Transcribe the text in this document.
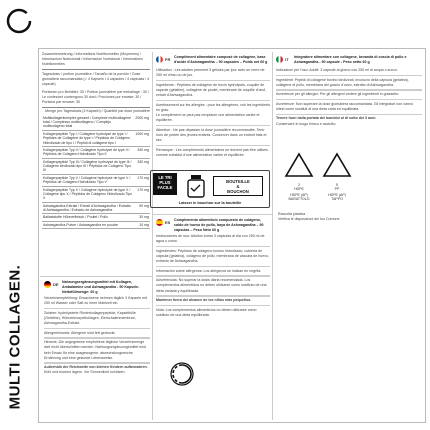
MULTI COLLAGEN.
Zusammensetzung / Informations Nutritionnelles (Moyennes) / Informazioni Nutrizionali / Información Nutricional / Informations Nutritionnelles
Tagesdosis / portion journalière / Tamaño de la porción / Dose giornaliera raccomandata (= 4 Kapseln / 4 capsules / 4 cápsulas / 4 capsule)
Portionen pro Behälter: 30 / Portion journalière par emballage : 30 / Le confezioni contengono 30 dosi / Porciones por envase: 30 / Portions par envase: 30
Menge pro Tagesdosis (4 Kapseln) / Quantité par dose journalière
Multikollagenkomplex gesamt / Complexe multicollagène total / Complesso multicollageno / Complejo multicolágeno total	2000 mg
Kollagenpeptide Typ I / Collagène hydrolysé de type I / Peptides de Collagène de type I / Péptidos de Colágeno Hidrolizado de tipo I / Peptidi di collagene tipo I	1000 mg
Kollagenpeptide Typ II / Collagène hydrolysé de type II / Péptidos de Colágeno Hidrolizado Tipo II	330 mg
Kollagenpeptide Typ III / Collagène hydrolysé de type III / Collagene idrolizzato tipo III / Péptidos de Colágeno Tipo III	330 mg
Kollagenpeptide Typ V / Collagène hydrolysé de type V / Péptidos de Colágeno Hidrolizado Tipo V	170 mg
Kollagenpeptide Typ X / Collagène hydrolysé de type X / Collagene tipo X / Péptidos de Colágeno Hidrolizado Tipo X	170 mg
Ashwagandha-Extrakt / Extrait d'Ashwagandha / Estratto di Ashwagandha / Extracto de Ashwagandha	50 mg
Ballaststoffe Hühnerfleisch / Poulet / Pollo	30 mg
Ashwagandha-Pulver / Ashwagandha en poudre	10 mg
FR Complément alimentaire composé de collagène, base d'acide d'Ashwagandha – 90 capsules – Poids net 60 g
Utilisation : Les adultes prennent 3 gélules par jour avec un verre de 250 ml d'eau ou de jus.
Ingrédients : Peptides de collagène de bovin hydrolysés, coquille de capsule (gélatine), collagène de poulet, membrane de coquille d'œuf, extrait d'Ashwagandha.
Avertissement sur les allergies : pour les allergènes, voir les ingrédients en gras.
Le complément ne peut pas remplacer une alimentation variée et équilibrée.
Attention : Ne pas dépasser la dose journalière recommandée. Tenir hors de portée des jeunes enfants. Conserver dans un endroit frais et sec.
Remarque : Les compléments alimentaires ne doivent pas être utilisés comme substitut d'une alimentation variée et équilibrée.
LE TRI
PLUS
FACILE
BOUTEILLE
&
BOUCHON
Laisser le bouchon sur la bouteille
ES Complemento alimenticio compuesto de colágeno, caldo de hueso de pollo, baya de Ashwagandha – 90 cápsulas – Peso Neto 60 g
Instrucciones de uso: Adultos tomar 3 cápsulas al día con 250 ml de agua o zumo.
Ingredientes: Péptidos de colágeno bovino hidrolizado, cubierta de cápsula (gelatina), colágeno de pollo, membrana de cáscara de huevo, extracto de Ashwagandha.
Información sobre alérgenos: Los alérgenos se indican en negrita.
Advertencias: No superar la dosis diaria recomendada. Los complementos alimenticios no deben utilizarse como sustituto de una dieta variada y equilibrada.
Mantener fuera del alcance de los niños más pequeños.
Nota: Los complementos alimenticios no deben utilizarse como sustituto de una dieta equilibrada.
IT Integratore alimentare con collagene, bevanda di coscia di pollo e Ashwagandha - 90 capsule - Peso netto 60 g
Indicazioni per l'uso: Adulti: 3 capsule al giorno con 250 ml di acqua o succo.
Ingredienti: Peptidi di collagene bovino idrolizzati, involucro della capsula (gelatina), collagene di pollo, membrana del guscio d'uovo, estratto di Ashwagandha.
Avvertenze per gli allergici: Per gli allergeni vedere gli ingredienti in grassetto.
Avvertenze: Non superare la dose giornaliera raccomandata. Gli integratori non vanno intesi come sostituti di una dieta varia ed equilibrata.
Tenere fuori dalla portata dei bambini al di sotto dei 3 anni.
Conservare in luogo fresco e asciutto.
2
HDPE
HDPE (AP)
BARATTOLO
5
PP
HDPE (AP)
TAPPO
Raccolta plastica
Verifica le disposizioni del tuo Comune
DE Nahrungsergänzungsmittel mit Kollagen, Ambalamine und Ashwagandha - 90 Kapseln. Nettofüllmenge: 60 g
Verzehrsempfehlung: Erwachsene nehmen täglich 3 Kapseln mit 250 ml Wasser oder Saft zu einer Mahlzeit ein.
Zutaten: hydrolysierte Rinderkollagenpeptide, Kapselhülle (Gelatine), Hühnerknorpelkollagen, Eierschalenmembran, Ashwagandha-Extrakt.
Allergenhinweis: Allergene sind fett gedruckt.
Hinweis: Die angegebene empfohlene tägliche Verzehrsmenge darf nicht überschritten werden. Nahrungsergänzungsmittel sind kein Ersatz für eine ausgewogene, abwechslungsreiche Ernährung und eine gesunde Lebensweise.
Außerhalb der Reichweite von kleinen Kindern aufbewahren.
Kühl und trocken lagern. Vor Sonnenlicht schützen.
